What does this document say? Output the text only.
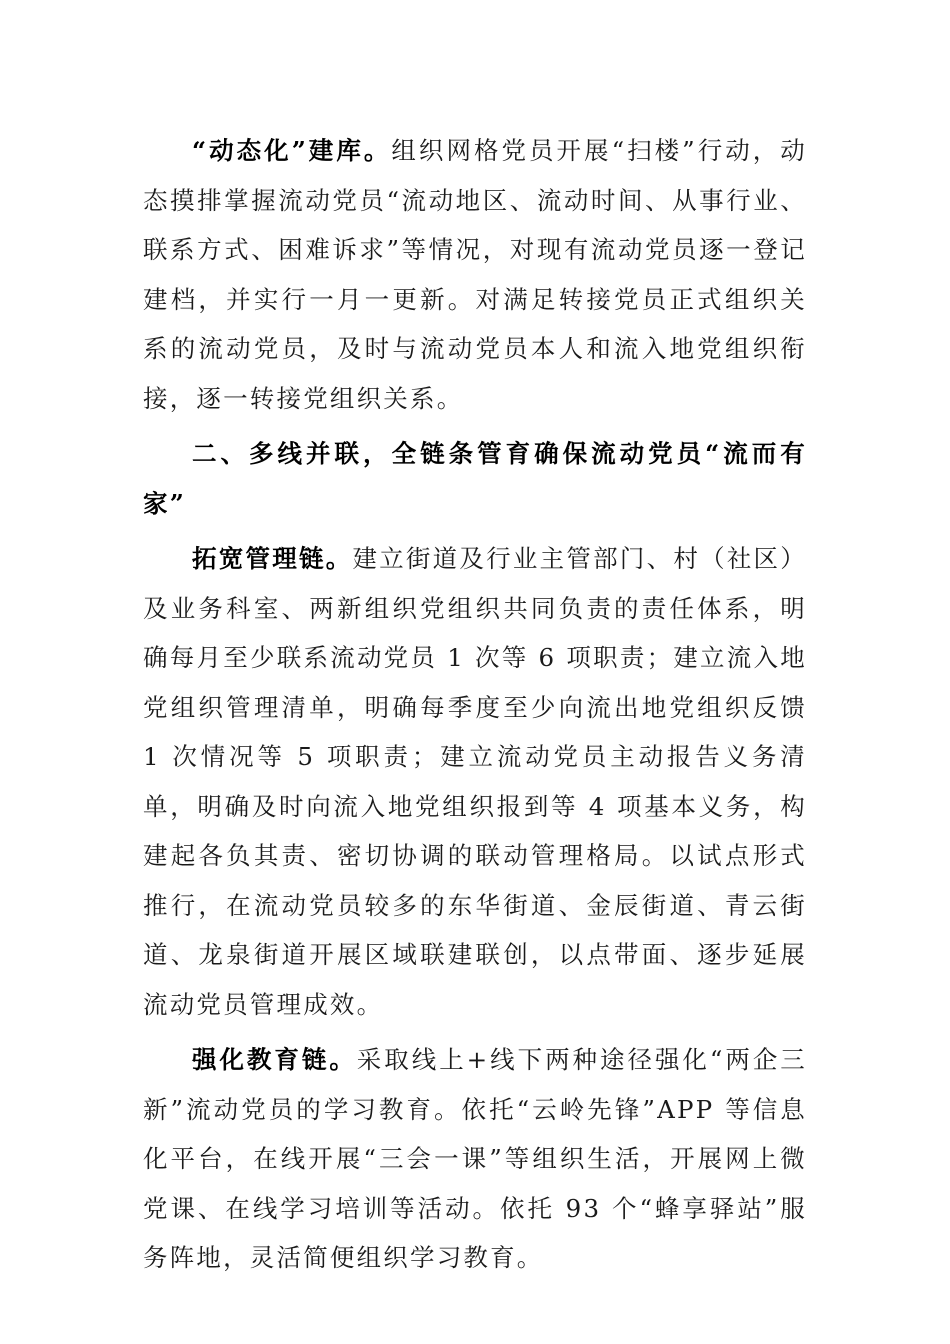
“动态化”建库。组织网格党员开展“扫楼”行动，动态摸排掌握流动党员“流动地区、流动时间、从事行业、联系方式、困难诉求”等情况，对现有流动党员逐一登记建档，并实行一月一更新。对满足转接党员正式组织关系的流动党员，及时与流动党员本人和流入地党组织衔接，逐一转接党组织关系。

二、多线并联，全链条管育确保流动党员“流而有家”

拓宽管理链。建立街道及行业主管部门、村（社区）及业务科室、两新组织党组织共同负责的责任体系，明确每月至少联系流动党员 1 次等 6 项职责；建立流入地党组织管理清单，明确每季度至少向流出地党组织反馈 1 次情况等 5 项职责；建立流动党员主动报告义务清单，明确及时向流入地党组织报到等 4 项基本义务，构建起各负其责、密切协调的联动管理格局。以试点形式推行，在流动党员较多的东华街道、金辰街道、青云街道、龙泉街道开展区域联建联创，以点带面、逐步延展流动党员管理成效。

强化教育链。采取线上+线下两种途径强化“两企三新”流动党员的学习教育。依托“云岭先锋”APP 等信息化平台，在线开展“三会一课”等组织生活，开展网上微党课、在线学习培训等活动。依托 93 个“蜂享驿站”服务阵地，灵活简便组织学习教育。
